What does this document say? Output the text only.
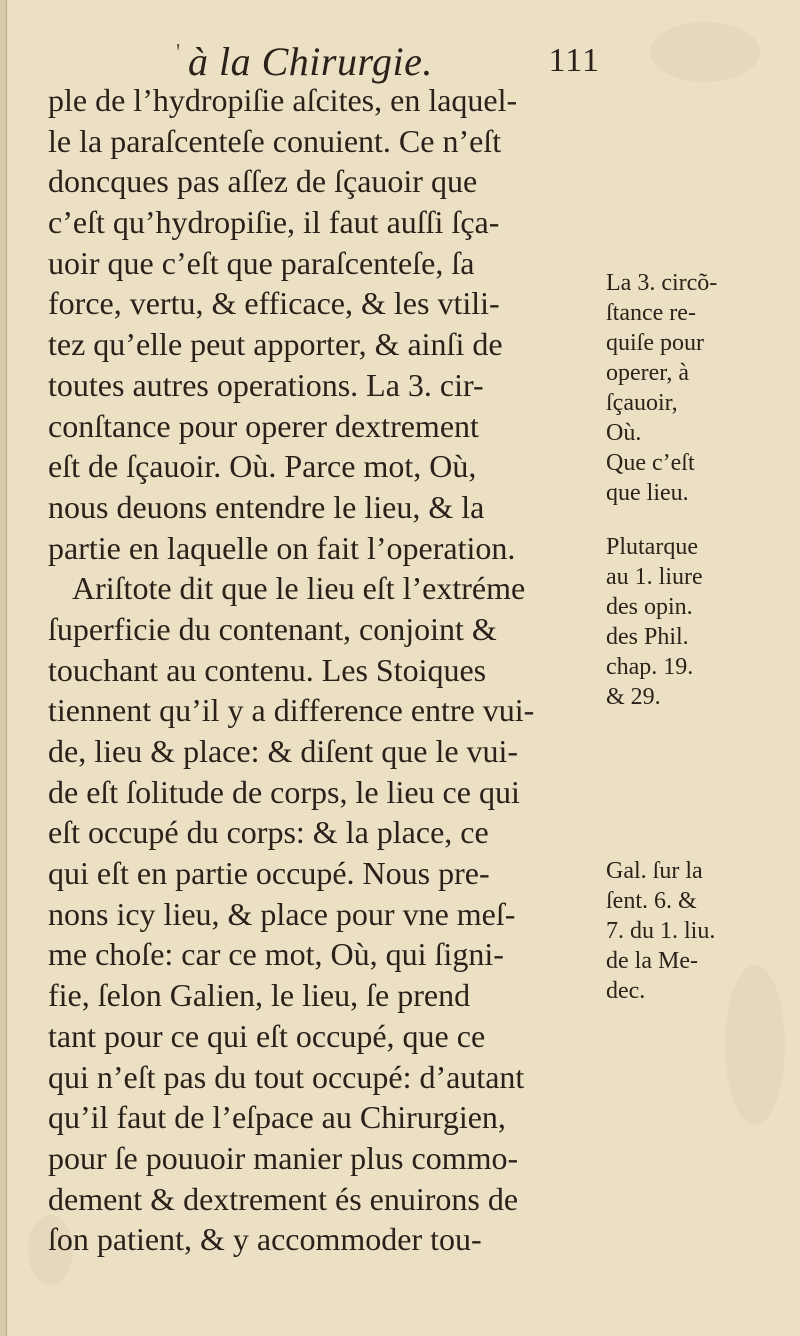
' à la Chirurgie.	111
ple de l’hydropiſie aſcites, en laquel-
le la paraſcenteſe conuient. Ce n’eſt
doncques pas aſſez de ſçauoir que
c’eſt qu’hydropiſie, il faut auſſi ſça-
uoir que c’eſt que paraſcenteſe, ſa
force, vertu, & efficace, & les vtili-
tez qu’elle peut apporter, & ainſi de
toutes autres operations. La 3. cir-
conſtance pour operer dextrement
eſt de ſçauoir. Où. Parce mot, Où,
nous deuons entendre le lieu, & la
partie en laquelle on fait l’operation.
Ariſtote dit que le lieu eſt l’extréme
ſuperficie du contenant, conjoint &
touchant au contenu. Les Stoiques
tiennent qu’il y a difference entre vui-
de, lieu & place: & diſent que le vui-
de eſt ſolitude de corps, le lieu ce qui
eſt occupé du corps: & la place, ce
qui eſt en partie occupé. Nous pre-
nons icy lieu, & place pour vne meſ-
me choſe: car ce mot, Où, qui ſigni-
fie, ſelon Galien, le lieu, ſe prend
tant pour ce qui eſt occupé, que ce
qui n’eſt pas du tout occupé: d’autant
qu’il faut de l’eſpace au Chirurgien,
pour ſe pouuoir manier plus commo-
dement & dextrement és enuirons de
ſon patient, & y accommoder tou-
La 3. circõ-
ſtance re-
quiſe pour
operer, à
ſçauoir,
Où.
Que c’eſt
que lieu.
Plutarque
au 1. liure
des opin.
des Phil.
chap. 19.
& 29.
Gal. ſur la
ſent. 6. &
7. du 1. liu.
de la Me-
dec.
